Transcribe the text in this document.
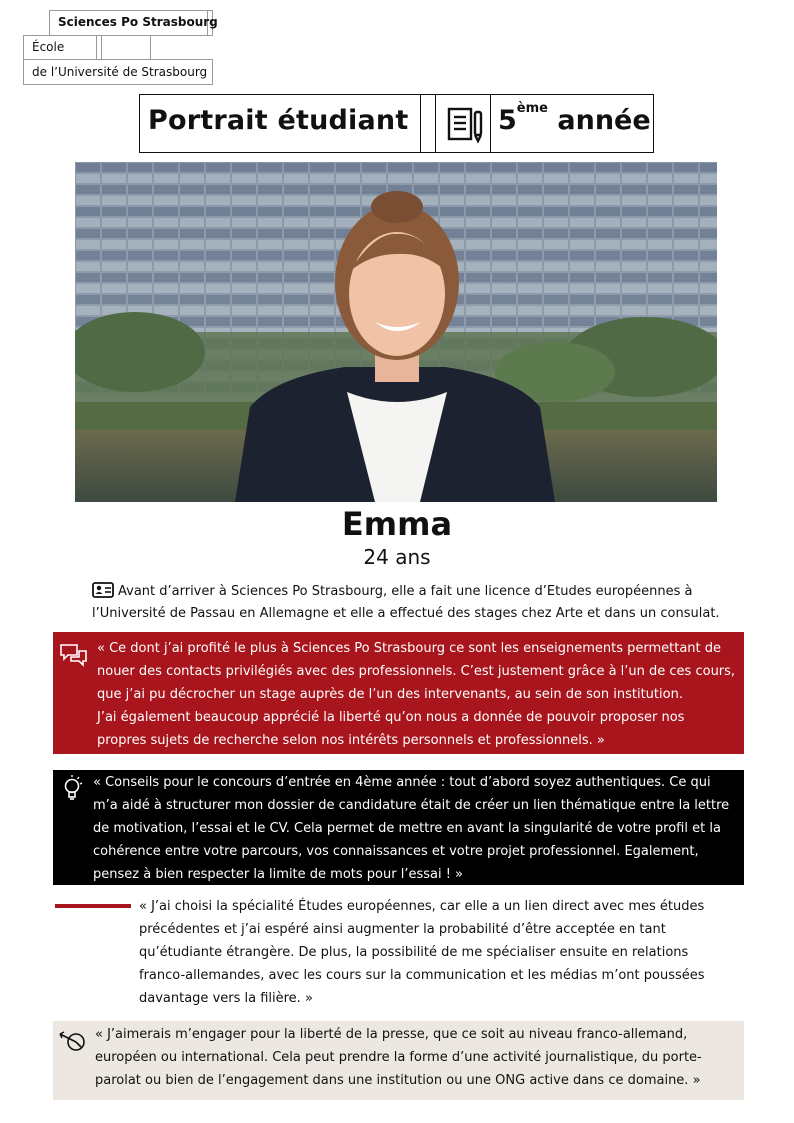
Sciences Po Strasbourg
École
de l’Université de Strasbourg
Portrait étudiant	5ème année
Emma
24 ans
Avant d’arriver à Sciences Po Strasbourg, elle a fait une licence d’Etudes européennes à l’Université de Passau en Allemagne et elle a effectué des stages chez Arte et dans un consulat.
« Ce dont j’ai profité le plus à Sciences Po Strasbourg ce sont les enseignements permettant de nouer des contacts privilégiés avec des professionnels. C’est justement grâce à l’un de ces cours, que j’ai pu décrocher un stage auprès de l’un des intervenants, au sein de son institution.
J’ai également beaucoup apprécié la liberté qu’on nous a donnée de pouvoir proposer nos propres sujets de recherche selon nos intérêts personnels et professionnels. »
« Conseils pour le concours d’entrée en 4ème année : tout d’abord soyez authentiques. Ce qui m’a aidé à structurer mon dossier de candidature était de créer un lien thématique entre la lettre de motivation, l’essai et le CV. Cela permet de mettre en avant la singularité de votre profil et la cohérence entre votre parcours, vos connaissances et votre projet professionnel. Egalement, pensez à bien respecter la limite de mots pour l’essai ! »
« J’ai choisi la spécialité Études européennes, car elle a un lien direct avec mes études précédentes et j’ai espéré ainsi augmenter la probabilité d’être acceptée en tant qu’étudiante étrangère. De plus, la possibilité de me spécialiser ensuite en relations franco-allemandes, avec les cours sur la communication et les médias m’ont poussées davantage vers la filière. »
« J’aimerais m’engager pour la liberté de la presse, que ce soit au niveau franco-allemand, européen ou international. Cela peut prendre la forme d’une activité journalistique, du porte-parolat ou bien de l’engagement dans une institution ou une ONG active dans ce domaine. »
